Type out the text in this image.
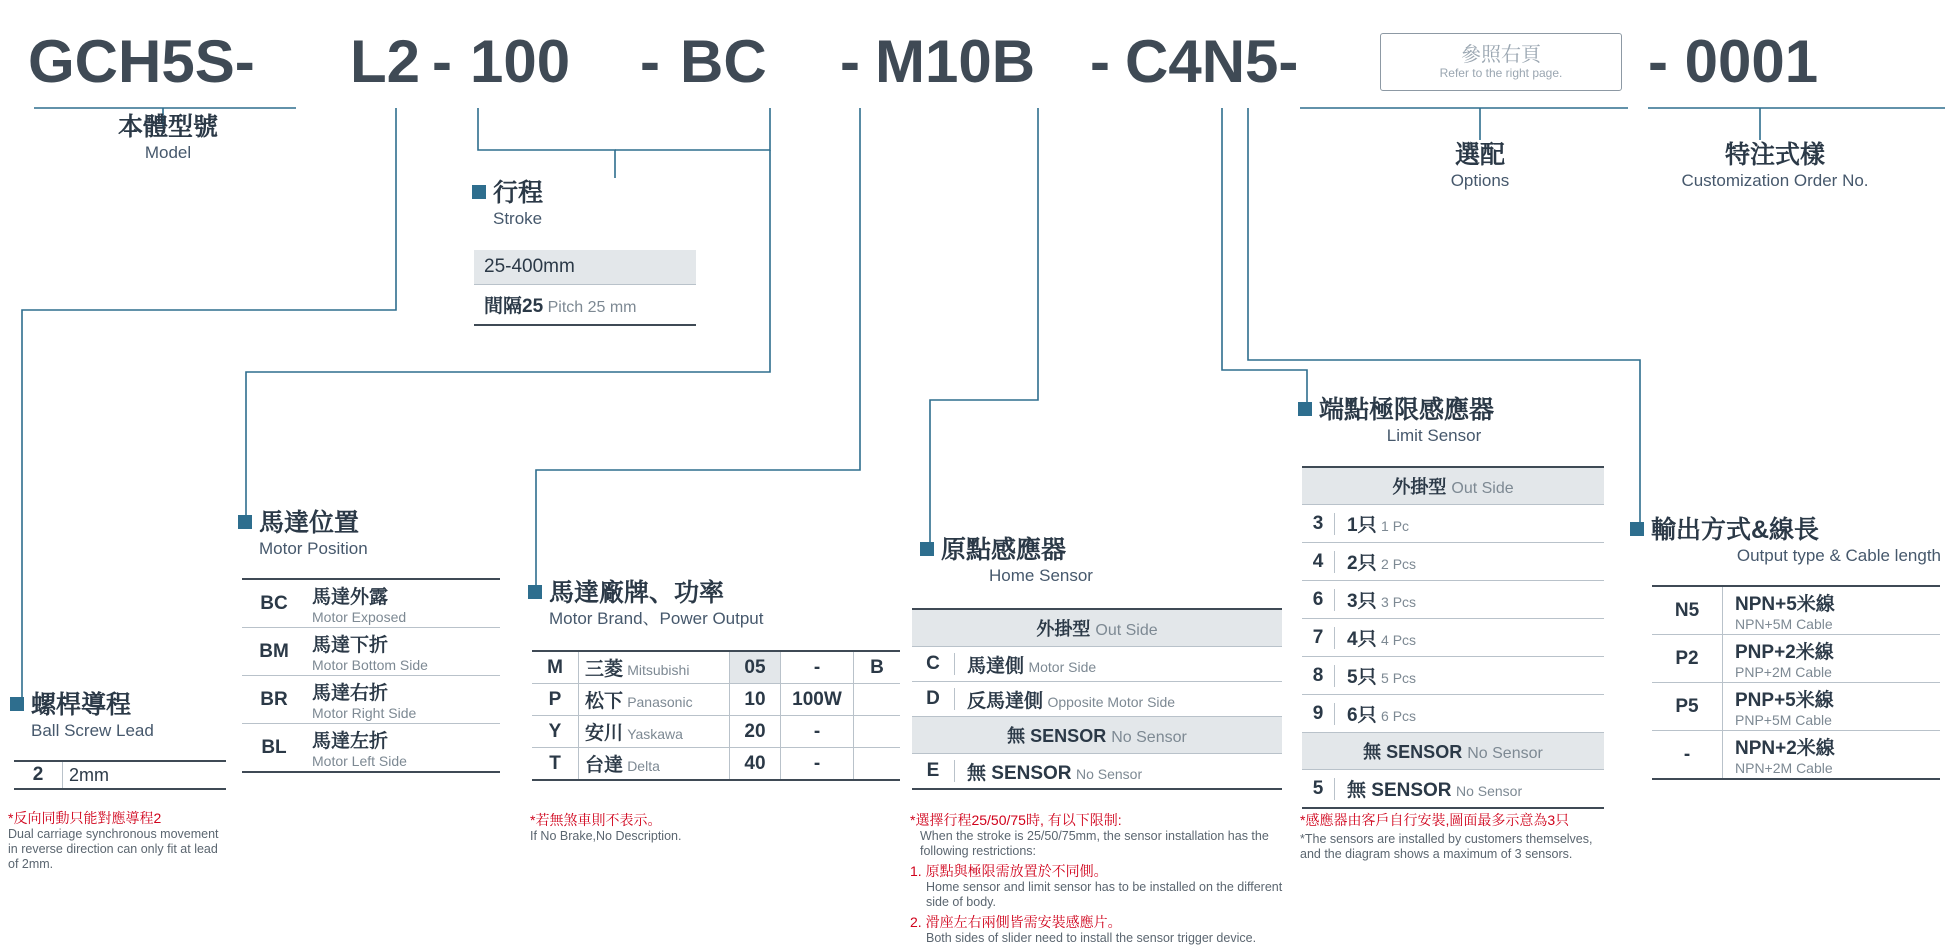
GCH5S- L2 - 100 - BC - M10B - C4N5-	參照右頁
Refer to the right page. - 0001
本體型號
Model
行程
Stroke
選配
Options
特注式樣
Customization Order No.
25-400mm
間隔25 Pitch 25 mm
螺桿導程
Ball Screw Lead
2	2mm
*反向同動只能對應導程2
Dual carriage synchronous movement in reverse direction can only fit at lead of 2mm.
馬達位置
Motor Position
BC	馬達外露
Motor Exposed

BM	馬達下折
Motor Bottom Side

BR	馬達右折
Motor Right Side

BL	馬達左折
Motor Left Side
馬達廠牌、功率
Motor Brand、Power Output
M	三菱 Mitsubishi	05	-	B
P	松下 Panasonic	10	100W	
Y	安川 Yaskawa	20	-	
T	台達 Delta	40	-	
*若無煞車則不表示。
If No Brake,No Description.
原點感應器
Home Sensor
外掛型 Out Side
C	馬達側 Motor Side
D	反馬達側 Opposite Motor Side
無 SENSOR No Sensor
E	無 SENSOR No Sensor
*選擇行程25/50/75時, 有以下限制:
When the stroke is 25/50/75mm, the sensor installation has the following restrictions:
1. 原點與極限需放置於不同側。
Home sensor and limit sensor has to be installed on the different side of body.
2. 滑座左右兩側皆需安裝感應片。
Both sides of slider need to install the sensor trigger device.
端點極限感應器
Limit Sensor
外掛型 Out Side
3	1只 1 Pc
4	2只 2 Pcs
6	3只 3 Pcs
7	4只 4 Pcs
8	5只 5 Pcs
9	6只 6 Pcs
無 SENSOR No Sensor
5	無 SENSOR No Sensor
*感應器由客戶自行安裝,圖面最多示意為3只
*The sensors are installed by customers themselves, and the diagram shows a maximum of 3 sensors.
輸出方式&線長
Output type & Cable length
N5	NPN+5米線
NPN+5M Cable

P2	PNP+2米線
PNP+2M Cable

P5	PNP+5米線
PNP+5M Cable

-	NPN+2米線
NPN+2M Cable
